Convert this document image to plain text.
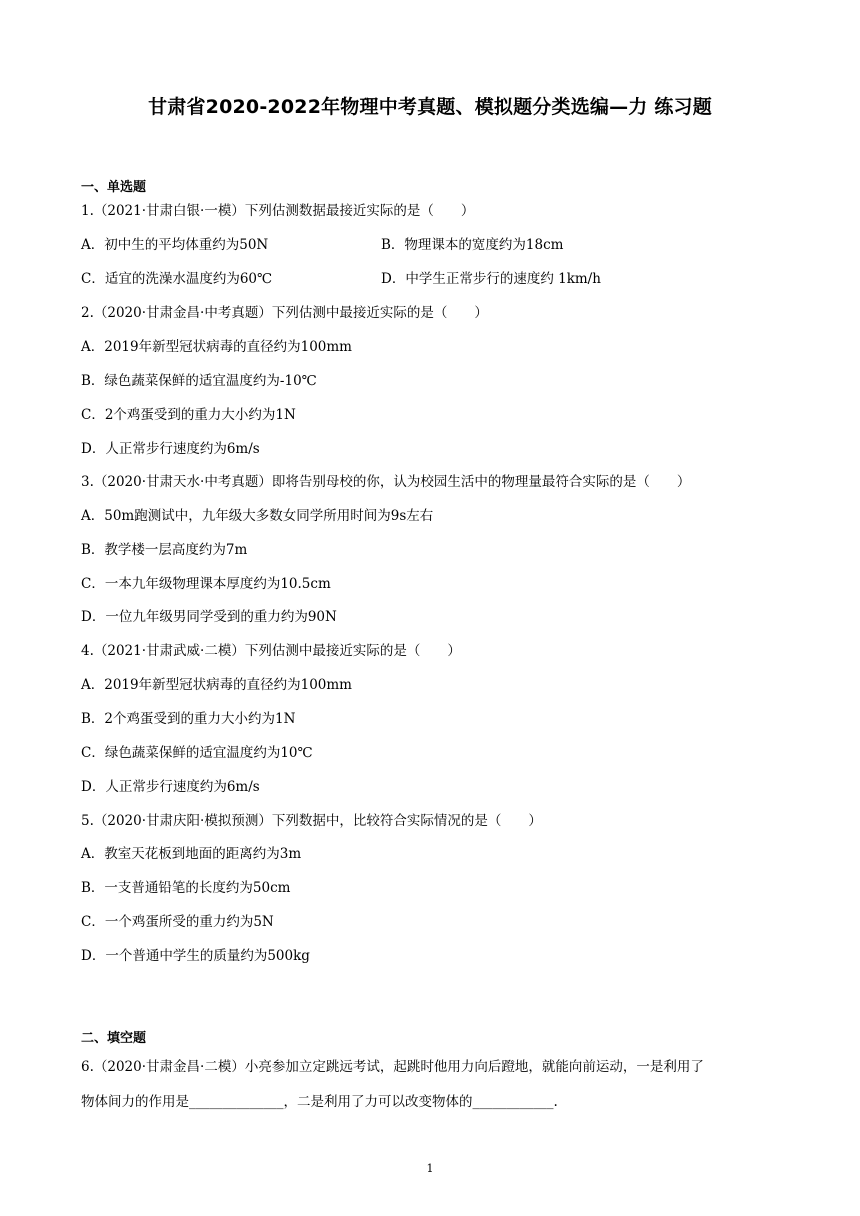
甘肃省2020-2022年物理中考真题、模拟题分类选编—力 练习题
一、单选题
1.（2021·甘肃白银·一模）下列估测数据最接近实际的是（　　）
A．初中生的平均体重约为50N	B．物理课本的宽度约为18cm
C．适宜的洗澡水温度约为60℃	D．中学生正常步行的速度约 1km/h
2.（2020·甘肃金昌·中考真题）下列估测中最接近实际的是（　　）
A．2019年新型冠状病毒的直径约为100mm
B．绿色蔬菜保鲜的适宜温度约为-10℃
C．2个鸡蛋受到的重力大小约为1N
D．人正常步行速度约为6m/s
3.（2020·甘肃天水·中考真题）即将告别母校的你，认为校园生活中的物理量最符合实际的是（　　）
A．50m跑测试中，九年级大多数女同学所用时间为9s左右
B．教学楼一层高度约为7m
C．一本九年级物理课本厚度约为10.5cm
D．一位九年级男同学受到的重力约为90N
4.（2021·甘肃武威·二模）下列估测中最接近实际的是（　　）
A．2019年新型冠状病毒的直径约为100mm
B．2个鸡蛋受到的重力大小约为1N
C．绿色蔬菜保鲜的适宜温度约为10℃
D．人正常步行速度约为6m/s
5.（2020·甘肃庆阳·模拟预测）下列数据中，比较符合实际情况的是（　　）
A．教室天花板到地面的距离约为3m
B．一支普通铅笔的长度约为50cm
C．一个鸡蛋所受的重力约为5N
D．一个普通中学生的质量约为500kg
二、填空题
6.（2020·甘肃金昌·二模）小亮参加立定跳远考试，起跳时他用力向后蹬地，就能向前运动，一是利用了
物体间力的作用是______________，二是利用了力可以改变物体的____________.
1
